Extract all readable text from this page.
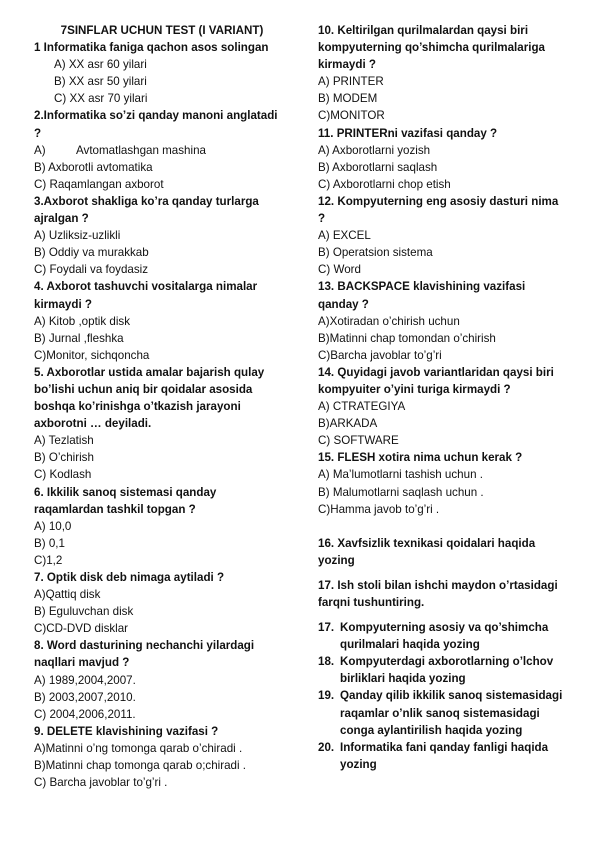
7SINFLAR UCHUN TEST (I VARIANT)
1 Informatika faniga qachon asos solingan
A) XX asr 60 yilari
B) XX asr 50 yilari
C) XX asr 70 yilari
2.Informatika so’zi qanday manoni anglatadi ?
A)	Avtomatlashgan mashina
B) Axborotli avtomatika
C) Raqamlangan axborot
3.Axborot shakliga ko’ra qanday turlarga ajralgan ?
A) Uzliksiz-uzlikli
B) Oddiy va murakkab
C) Foydali va foydasiz
4. Axborot tashuvchi vositalarga nimalar kirmaydi ?
A) Kitob ,optik disk
B) Jurnal ,fleshka
C)Monitor, sichqoncha
5. Axborotlar ustida amalar bajarish qulay bo’lishi uchun aniq bir qoidalar asosida boshqa ko’rinishga o’tkazish jarayoni axborotni … deyiladi.
A) Tezlatish
B) O’chirish
C) Kodlash
6. Ikkilik sanoq sistemasi qanday raqamlardan tashkil topgan ?
A) 10,0
B) 0,1
C)1,2
7. Optik disk deb nimaga aytiladi ?
A)Qattiq disk
B) Eguluvchan disk
C)CD-DVD disklar
8. Word dasturining nechanchi yilardagi naqllari mavjud ?
A) 1989,2004,2007.
B) 2003,2007,2010.
C) 2004,2006,2011.
9. DELETE klavishining vazifasi ?
A)Matinni o’ng tomonga qarab o’chiradi .
B)Matinni chap tomonga qarab o;chiradi .
C) Barcha javoblar to’g’ri .
10. Keltirilgan qurilmalardan qaysi biri kompyuterning qo’shimcha qurilmalariga kirmaydi ?
A) PRINTER
B) MODEM
C)MONITOR
11. PRINTERni vazifasi qanday ?
A) Axborotlarni yozish
B) Axborotlarni saqlash
C) Axborotlarni chop etish
12. Kompyuterning eng asosiy dasturi nima ?
A) EXCEL
B) Operatsion sistema
C) Word
13. BACKSPACE klavishining vazifasi qanday ?
A)Xotiradan o’chirish uchun
B)Matinni chap tomondan o’chirish
C)Barcha javoblar to’g’ri
14. Quyidagi javob variantlaridan qaysi biri kompyuiter o’yini turiga kirmaydi ?
A) CTRATEGIYA
B)ARKADA
C) SOFTWARE
15. FLESH xotira nima uchun kerak ?
A) Ma’lumotlarni tashish uchun .
B) Malumotlarni saqlash uchun .
C)Hamma javob to’g’ri .
16. Xavfsizlik texnikasi qoidalari haqida yozing
17. Ish stoli bilan ishchi maydon o’rtasidagi farqni tushuntiring.
17. Kompyuterning asosiy va qo’shimcha qurilmalari haqida yozing
18. Kompyuterdagi axborotlarning o’lchov birliklari haqida yozing
19. Qanday qilib ikkilik sanoq sistemasidagi raqamlar o’nlik sanoq sistemasidagi conga aylantirilish haqida yozing
20. Informatika fani qanday fanligi haqida yozing
